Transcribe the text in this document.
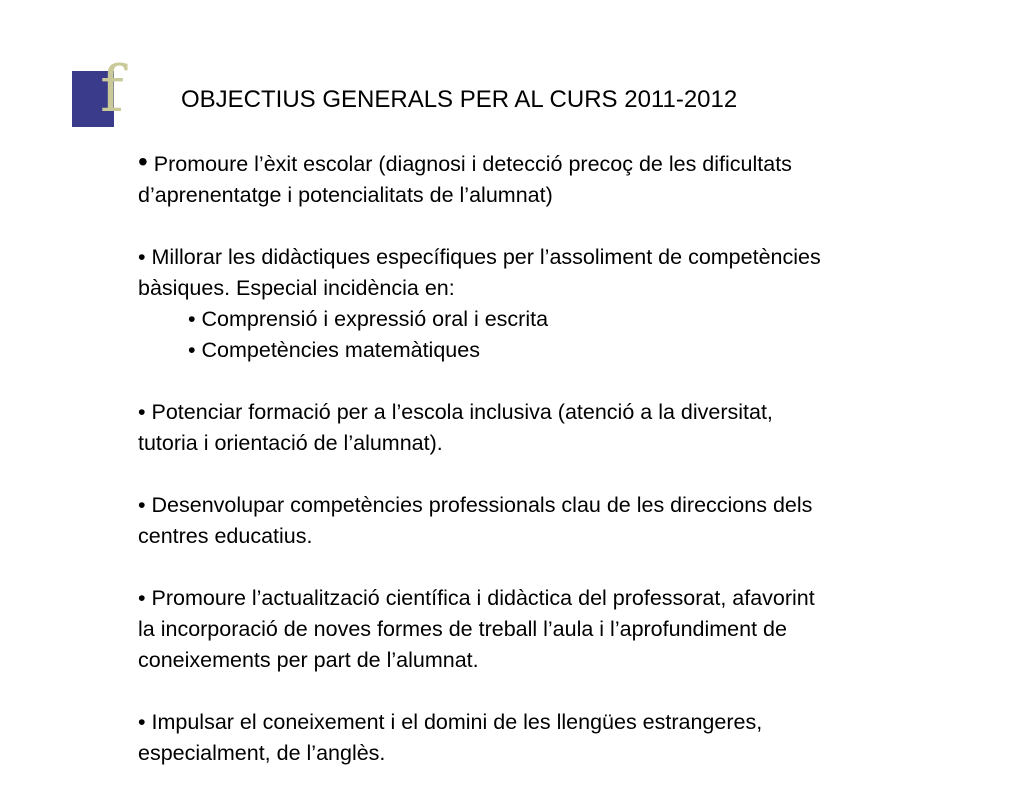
f OBJECTIUS GENERALS PER AL CURS 2011-2012
• Promoure l’èxit escolar (diagnosi i detecció precoç de les dificultats
d’aprenentatge i potencialitats de l’alumnat)
• Millorar les didàctiques específiques per l’assoliment de competències
bàsiques. Especial incidència en:
• Comprensió i expressió oral i escrita
• Competències matemàtiques
• Potenciar formació per a l’escola inclusiva (atenció a la diversitat,
tutoria i orientació de l’alumnat).
• Desenvolupar competències professionals clau de les direccions dels
centres educatius.
• Promoure l’actualització científica i didàctica del professorat, afavorint
la incorporació de noves formes de treball l’aula i l’aprofundiment de
coneixements per part de l’alumnat.
• Impulsar el coneixement i el domini de les llengües estrangeres,
especialment, de l’anglès.
